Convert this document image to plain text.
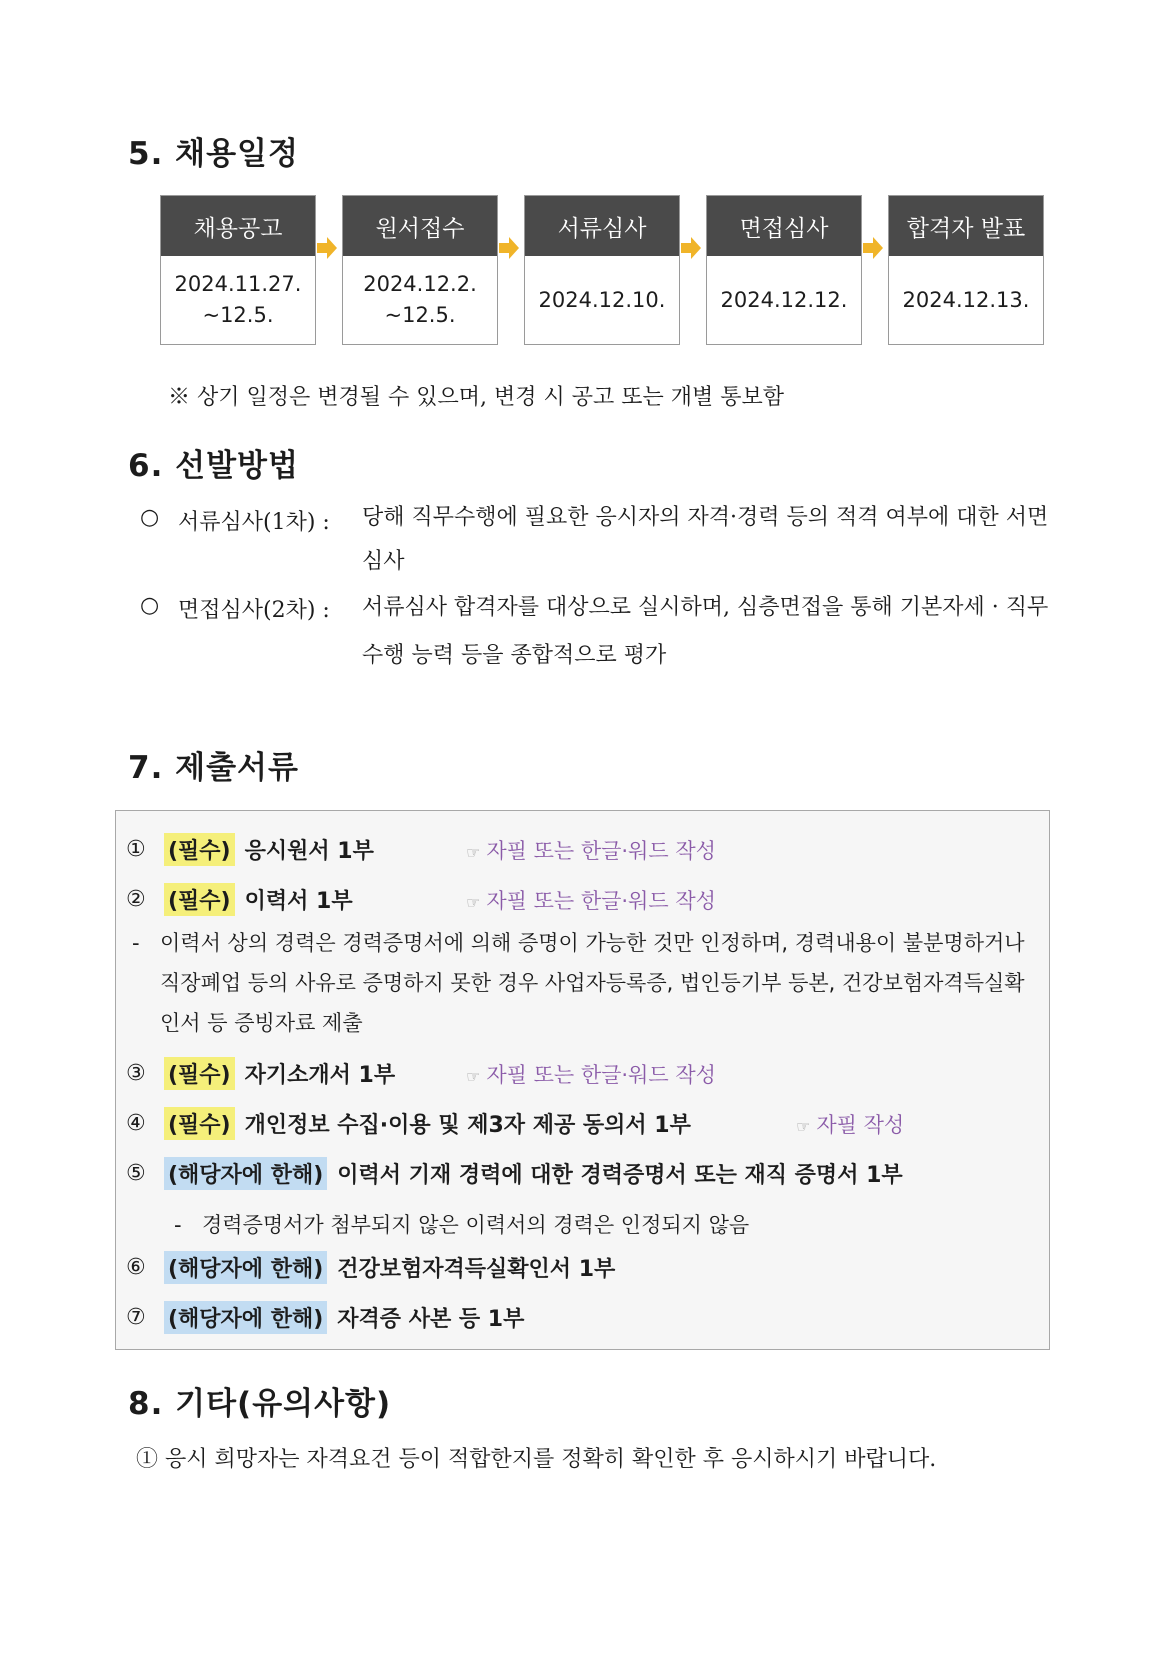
5. 채용일정
채용공고
2024.11.27.
~12.5.
원서접수
2024.12.2.
~12.5.
서류심사
2024.12.10.
면접심사
2024.12.12.
합격자 발표
2024.12.13.

※ 상기 일정은 변경될 수 있으며, 변경 시 공고 또는 개별 통보함

6. 선발방법
○ 서류심사(1차) : 당해 직무수행에 필요한 응시자의 자격·경력 등의 적격 여부에 대한 서면 심사
○ 면접심사(2차) : 서류심사 합격자를 대상으로 실시하며, 심층면접을 통해 기본자세 · 직무수행 능력 등을 종합적으로 평가
7. 제출서류
①	(필수) 응시원서 1부	☞ 자필 또는 한글·워드 작성
②	(필수) 이력서 1부	☞ 자필 또는 한글·워드 작성
- 이력서 상의 경력은 경력증명서에 의해 증명이 가능한 것만 인정하며, 경력내용이 불분명하거나 직장폐업 등의 사유로 증명하지 못한 경우 사업자등록증, 법인등기부 등본, 건강보험자격득실확인서 등 증빙자료 제출
③	(필수) 자기소개서 1부	☞ 자필 또는 한글·워드 작성
④	(필수) 개인정보 수집·이용 및 제3자 제공 동의서 1부	☞ 자필 작성
⑤	(해당자에 한해) 이력서 기재 경력에 대한 경력증명서 또는 재직 증명서 1부
- 경력증명서가 첨부되지 않은 이력서의 경력은 인정되지 않음
⑥	(해당자에 한해) 건강보험자격득실확인서 1부
⑦	(해당자에 한해) 자격증 사본 등 1부
8. 기타(유의사항)

① 응시 희망자는 자격요건 등이 적합한지를 정확히 확인한 후 응시하시기 바랍니다.
